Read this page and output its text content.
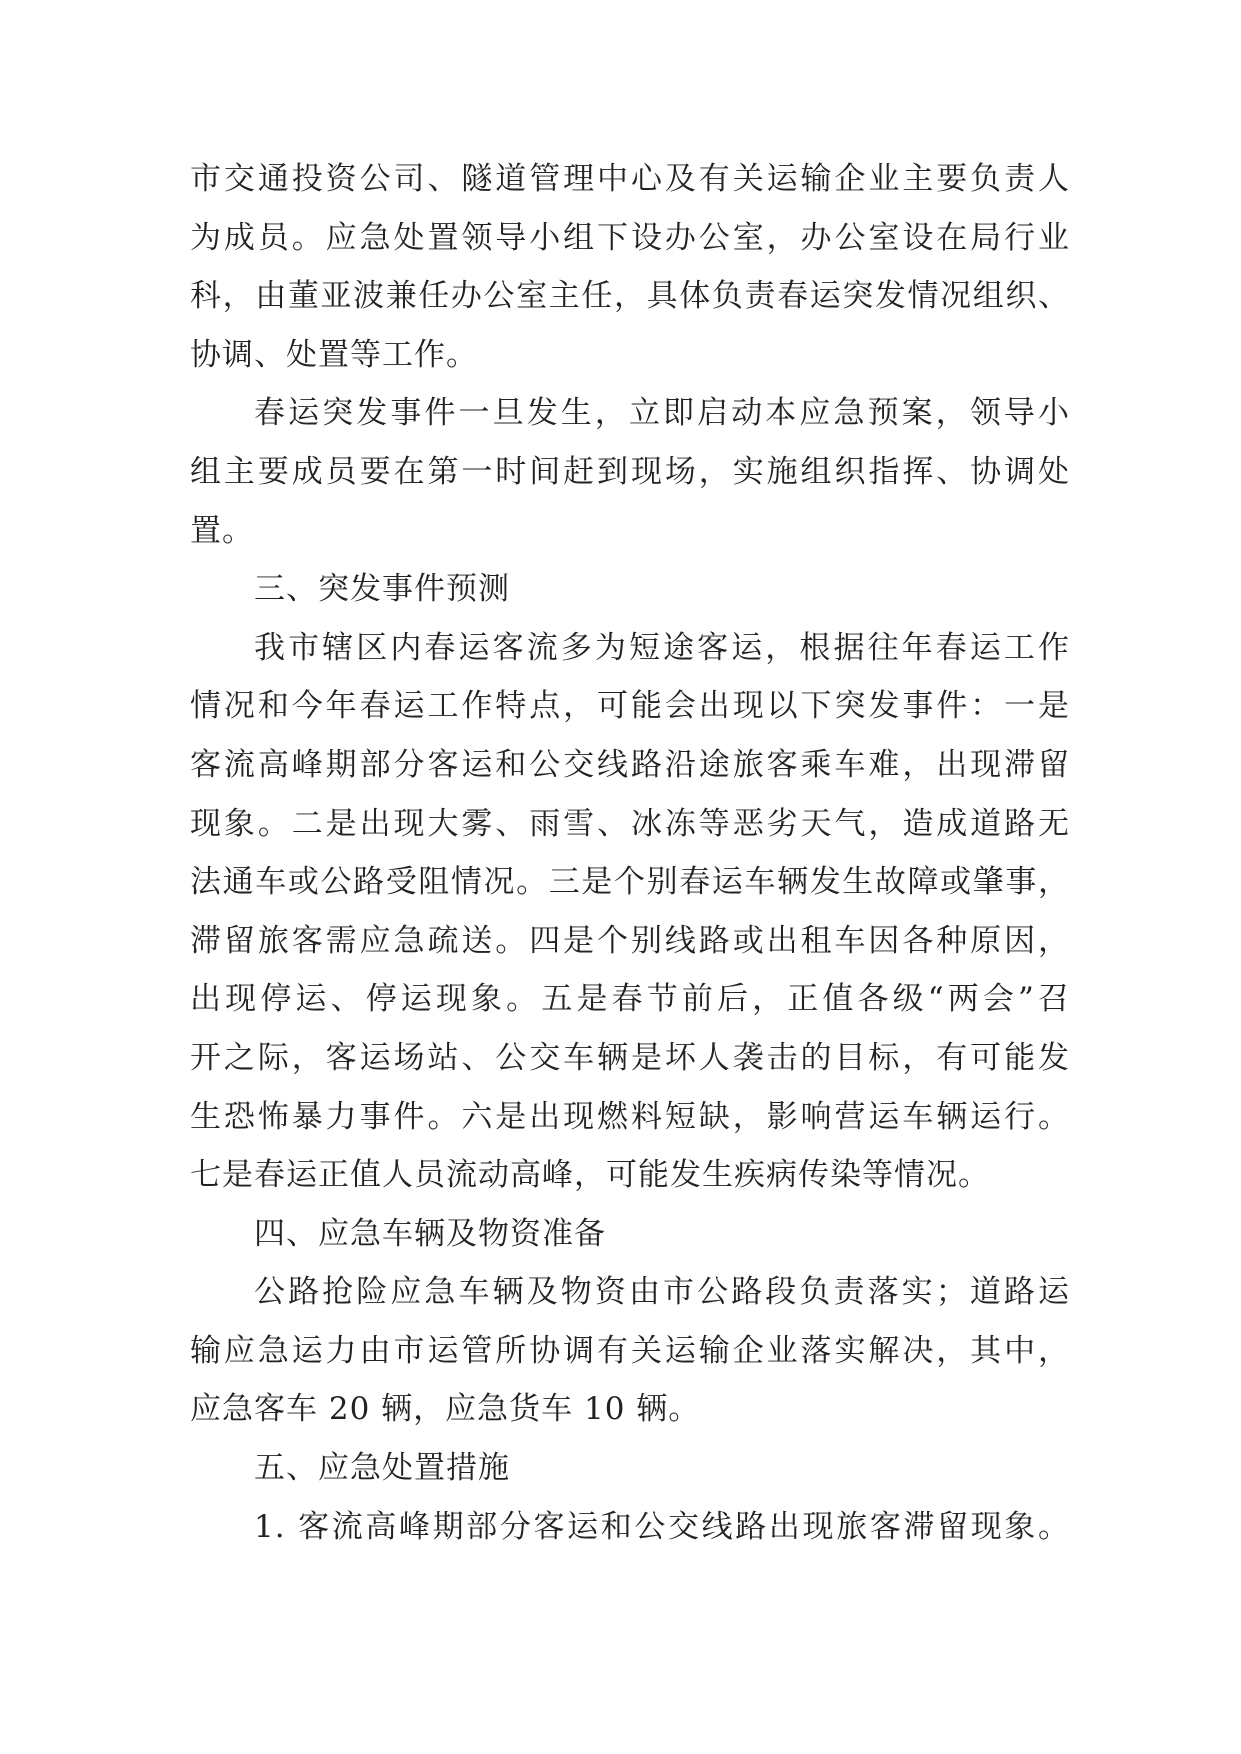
市交通投资公司、隧道管理中心及有关运输企业主要负责人
为成员。应急处置领导小组下设办公室，办公室设在局行业
科，由董亚波兼任办公室主任，具体负责春运突发情况组织、
协调、处置等工作。
春运突发事件一旦发生，立即启动本应急预案，领导小
组主要成员要在第一时间赶到现场，实施组织指挥、协调处
置。
三、突发事件预测
我市辖区内春运客流多为短途客运，根据往年春运工作
情况和今年春运工作特点，可能会出现以下突发事件：一是
客流高峰期部分客运和公交线路沿途旅客乘车难，出现滞留
现象。二是出现大雾、雨雪、冰冻等恶劣天气，造成道路无
法通车或公路受阻情况。三是个别春运车辆发生故障或肇事，
滞留旅客需应急疏送。四是个别线路或出租车因各种原因，
出现停运、停运现象。五是春节前后，正值各级“两会”召
开之际，客运场站、公交车辆是坏人袭击的目标，有可能发
生恐怖暴力事件。六是出现燃料短缺，影响营运车辆运行。
七是春运正值人员流动高峰，可能发生疾病传染等情况。
四、应急车辆及物资准备
公路抢险应急车辆及物资由市公路段负责落实；道路运
输应急运力由市运管所协调有关运输企业落实解决，其中，
应急客车 20 辆，应急货车 10 辆。
五、应急处置措施
1. 客流高峰期部分客运和公交线路出现旅客滞留现象。
